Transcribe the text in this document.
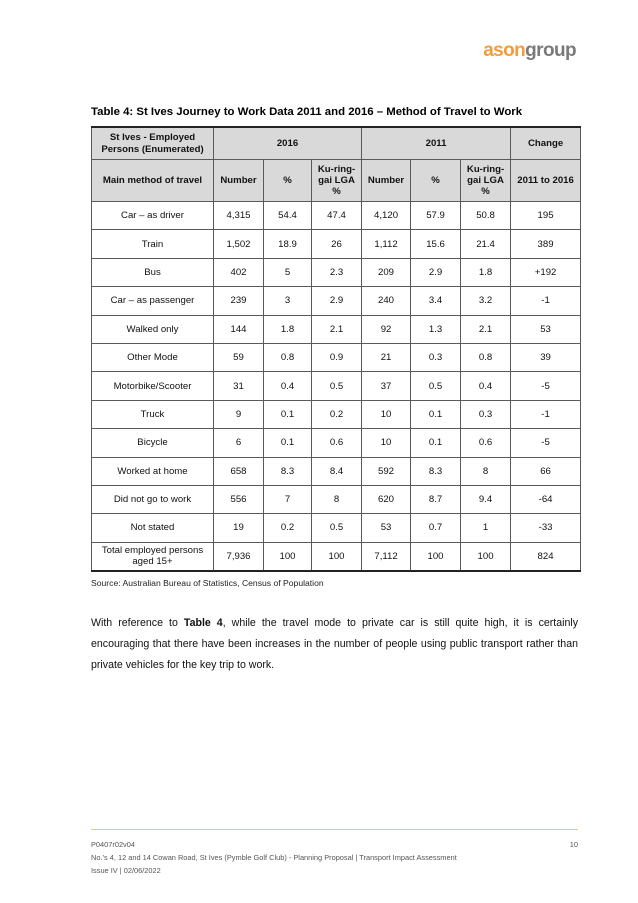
asongroup
Table 4: St Ives Journey to Work Data 2011 and 2016 – Method of Travel to Work
St Ives - Employed Persons (Enumerated)	2016			2011			Change
Main method of travel	Number	%	Ku-ring-gai LGA %	Number	%	Ku-ring-gai LGA %	2011 to 2016
Car – as driver	4,315	54.4	47.4	4,120	57.9	50.8	195
Train	1,502	18.9	26	1,112	15.6	21.4	389
Bus	402	5	2.3	209	2.9	1.8	+192
Car – as passenger	239	3	2.9	240	3.4	3.2	-1
Walked only	144	1.8	2.1	92	1.3	2.1	53
Other Mode	59	0.8	0.9	21	0.3	0.8	39
Motorbike/Scooter	31	0.4	0.5	37	0.5	0.4	-5
Truck	9	0.1	0.2	10	0.1	0.3	-1
Bicycle	6	0.1	0.6	10	0.1	0.6	-5
Worked at home	658	8.3	8.4	592	8.3	8	66
Did not go to work	556	7	8	620	8.7	9.4	-64
Not stated	19	0.2	0.5	53	0.7	1	-33
Total employed persons aged 15+	7,936	100	100	7,112	100	100	824
Source: Australian Bureau of Statistics, Census of Population
With reference to Table 4, while the travel mode to private car is still quite high, it is certainly encouraging that there have been increases in the number of people using public transport rather than private vehicles for the key trip to work.
P0407r02v04
No.’s 4, 12 and 14 Cowan Road, St Ives (Pymble Golf Club) - Planning Proposal | Transport Impact Assessment
Issue IV | 02/06/2022
10
